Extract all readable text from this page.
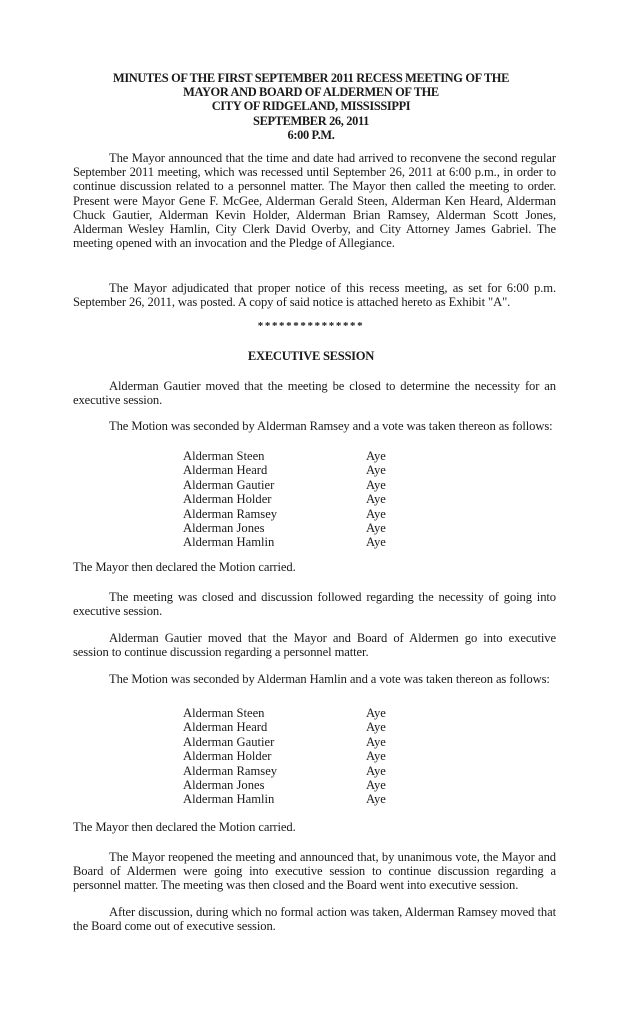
MINUTES OF THE FIRST SEPTEMBER 2011 RECESS MEETING OF THE
MAYOR AND BOARD OF ALDERMEN OF THE
CITY OF RIDGELAND, MISSISSIPPI
SEPTEMBER 26, 2011
6:00 P.M.

The Mayor announced that the time and date had arrived to reconvene the second regular September 2011 meeting, which was recessed until September 26, 2011 at 6:00 p.m., in order to continue discussion related to a personnel matter. The Mayor then called the meeting to order. Present were Mayor Gene F. McGee, Alderman Gerald Steen, Alderman Ken Heard, Alderman Chuck Gautier, Alderman Kevin Holder, Alderman Brian Ramsey, Alderman Scott Jones, Alderman Wesley Hamlin, City Clerk David Overby, and City Attorney James Gabriel. The meeting opened with an invocation and the Pledge of Allegiance.

The Mayor adjudicated that proper notice of this recess meeting, as set for 6:00 p.m. September 26, 2011, was posted. A copy of said notice is attached hereto as Exhibit "A".

***************
EXECUTIVE SESSION

Alderman Gautier moved that the meeting be closed to determine the necessity for an executive session.

The Motion was seconded by Alderman Ramsey and a vote was taken thereon as follows:

Alderman Steen	Aye
Alderman Heard	Aye
Alderman Gautier	Aye
Alderman Holder	Aye
Alderman Ramsey	Aye
Alderman Jones	Aye
Alderman Hamlin	Aye

The Mayor then declared the Motion carried.

The meeting was closed and discussion followed regarding the necessity of going into executive session.

Alderman Gautier moved that the Mayor and Board of Aldermen go into executive session to continue discussion regarding a personnel matter.

The Motion was seconded by Alderman Hamlin and a vote was taken thereon as follows:

Alderman Steen	Aye
Alderman Heard	Aye
Alderman Gautier	Aye
Alderman Holder	Aye
Alderman Ramsey	Aye
Alderman Jones	Aye
Alderman Hamlin	Aye

The Mayor then declared the Motion carried.

The Mayor reopened the meeting and announced that, by unanimous vote, the Mayor and Board of Aldermen were going into executive session to continue discussion regarding a personnel matter. The meeting was then closed and the Board went into executive session.

After discussion, during which no formal action was taken, Alderman Ramsey moved that the Board come out of executive session.
